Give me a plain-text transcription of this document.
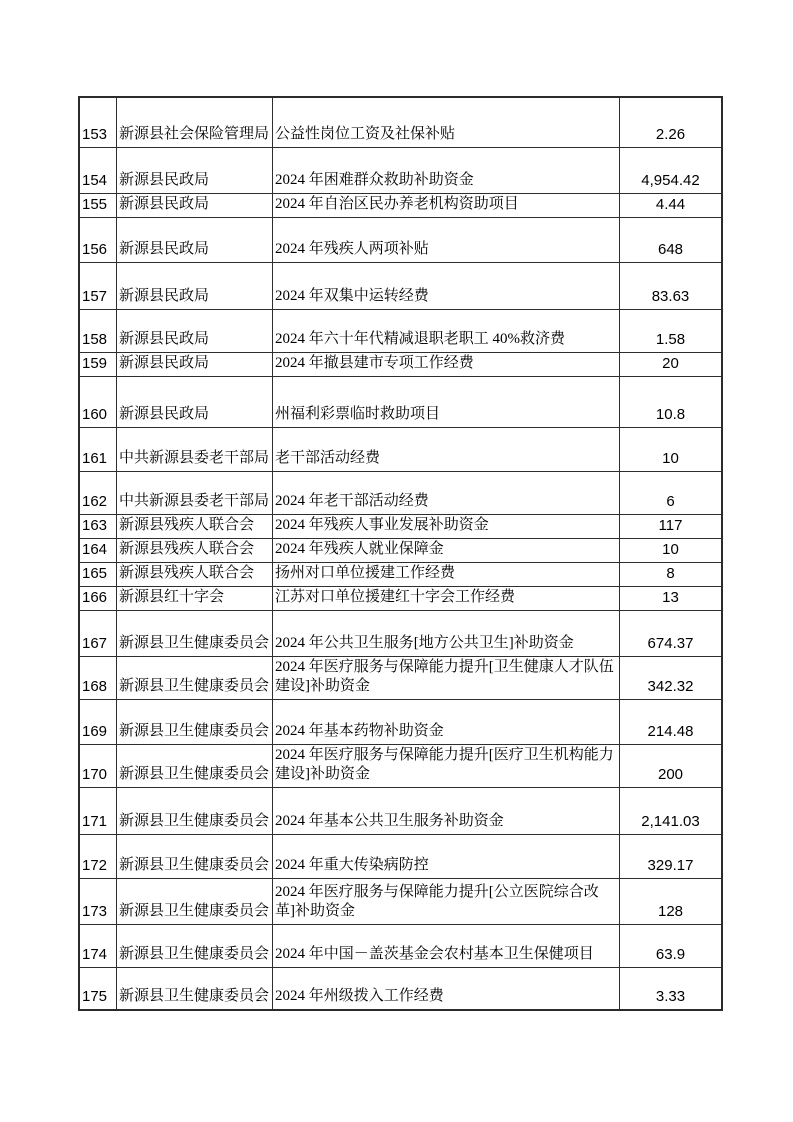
153	新源县社会保险管理局	公益性岗位工资及社保补贴	2.26
154	新源县民政局	2024 年困难群众救助补助资金	4,954.42
155	新源县民政局	2024 年自治区民办养老机构资助项目	4.44
156	新源县民政局	2024 年残疾人两项补贴	648
157	新源县民政局	2024 年双集中运转经费	83.63
158	新源县民政局	2024 年六十年代精减退职老职工 40%救济费	1.58
159	新源县民政局	2024 年撤县建市专项工作经费	20
160	新源县民政局	州福利彩票临时救助项目	10.8
161	中共新源县委老干部局	老干部活动经费	10
162	中共新源县委老干部局	2024 年老干部活动经费	6
163	新源县残疾人联合会	2024 年残疾人事业发展补助资金	117
164	新源县残疾人联合会	2024 年残疾人就业保障金	10
165	新源县残疾人联合会	扬州对口单位援建工作经费	8
166	新源县红十字会	江苏对口单位援建红十字会工作经费	13
167	新源县卫生健康委员会	2024 年公共卫生服务[地方公共卫生]补助资金	674.37
168	新源县卫生健康委员会	2024 年医疗服务与保障能力提升[卫生健康人才队伍建设]补助资金	342.32
169	新源县卫生健康委员会	2024 年基本药物补助资金	214.48
170	新源县卫生健康委员会	2024 年医疗服务与保障能力提升[医疗卫生机构能力建设]补助资金	200
171	新源县卫生健康委员会	2024 年基本公共卫生服务补助资金	2,141.03
172	新源县卫生健康委员会	2024 年重大传染病防控	329.17
173	新源县卫生健康委员会	2024 年医疗服务与保障能力提升[公立医院综合改革]补助资金	128
174	新源县卫生健康委员会	2024 年中国－盖茨基金会农村基本卫生保健项目	63.9
175	新源县卫生健康委员会	2024 年州级拨入工作经费	3.33
